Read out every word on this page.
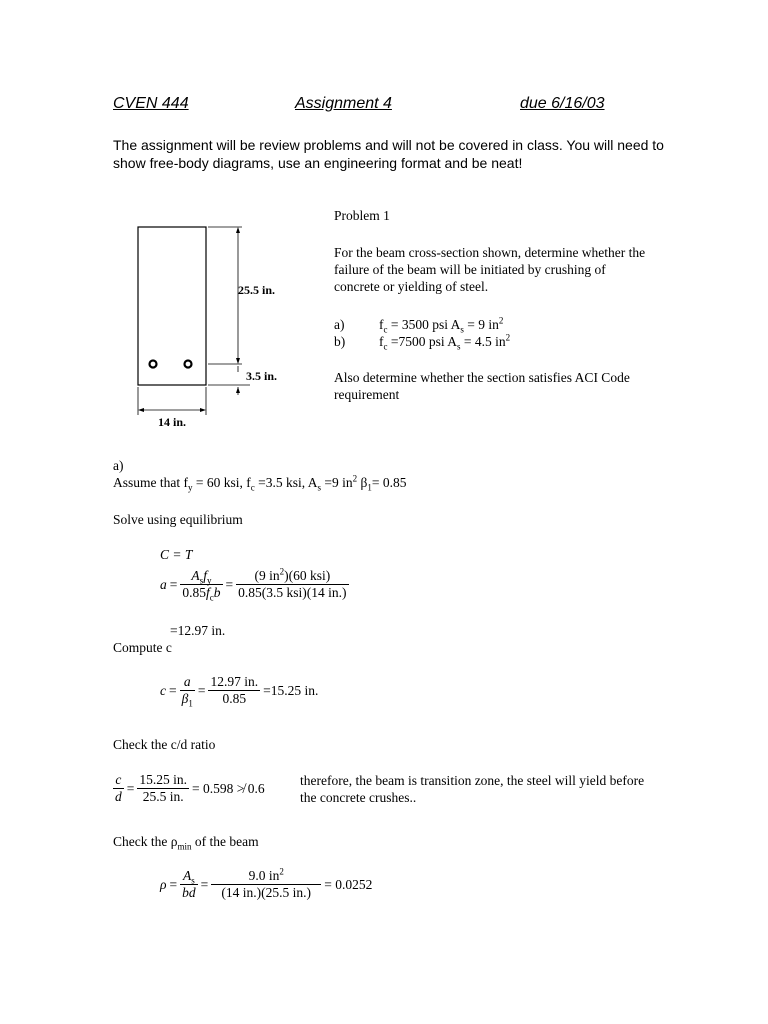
CVEN 444	Assignment 4	due 6/16/03
The assignment will be review problems and will not be covered in class. You will need to show free-body diagrams, use an engineering format and be neat!
25.5 in.
3.5 in.
14 in.
Problem 1
For the beam cross-section shown, determine whether the failure of the beam will be initiated by crushing of concrete or yielding of steel.
a)	$f_c = 3500$ psi $A_s = 9$ $in^2$
b)	$f_c =7500$ psi $A_s = 4.5$ $in^2$
Also determine whether the section satisfies ACI Code requirement
a)
Assume that $f_y = 60$ ksi, $f_c =3.5$ ksi, $A_s =9$ $in^2$ $\beta_1= 0.85$
Solve using equilibrium
C = T
$a = \frac{A_sf_y}{0.85f_cb} = \frac{(9 in^2)(60 ksi)}{\text{0.85(3.5 ksi)(14 in.)}}$
=12.97 in.
Compute c
$c = \frac{a}{\beta_1} = \frac{12.97 in.}{0.85} =15.25$ in.
Check the c/d ratio
$\frac{c}{d} = \frac{15.25 in.}{25.5 in.} = 0.598$ ≯ 0.6	therefore, the beam is transition zone, the steel will yield before the concrete crushes..
Check the $\rho_{min}$ of the beam
$\rho = \frac{A_s}{bd} = \frac{9.0 in^2}{(14 in.)(25.5 in.)} = 0.0252$
